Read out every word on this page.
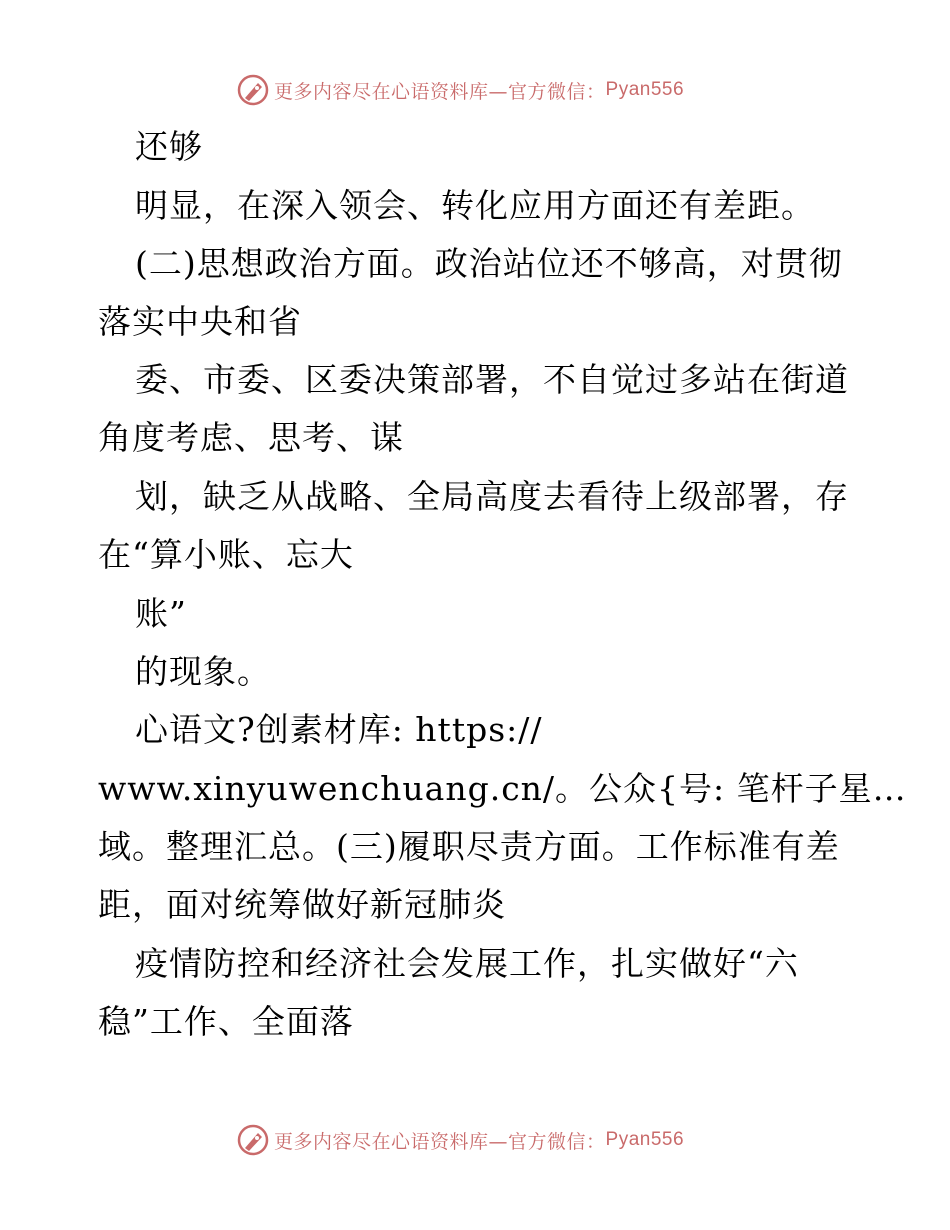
更多内容尽在心语资料库—官方微信： Pyan556
还够
明显，在深入领会、转化应用方面还有差距。
(二)思想政治方面。政治站位还不够高，对贯彻
落实中央和省
委、市委、区委决策部署，不自觉过多站在街道
角度考虑、思考、谋
划，缺乏从战略、全局高度去看待上级部署，存
在“算小账、忘大
账”
的现象。
心语文?创素材库: https://
www.xinyuwenchuang.cn/。公众{号: 笔杆子星…
域。整理汇总。(三)履职尽责方面。工作标准有差
距，面对统筹做好新冠肺炎
疫情防控和经济社会发展工作，扎实做好“六
稳”工作、全面落
更多内容尽在心语资料库—官方微信： Pyan556
